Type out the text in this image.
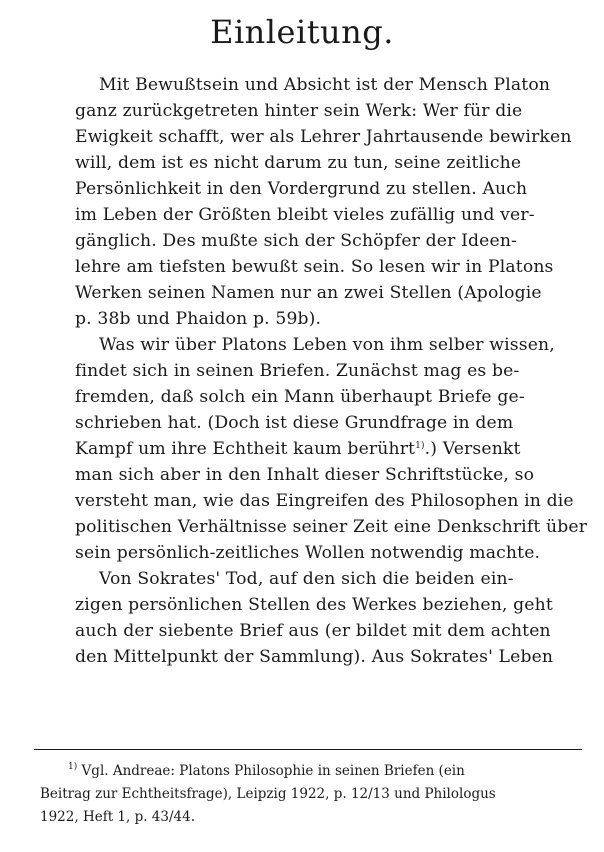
Einleitung.
Mit Bewußtsein und Absicht ist der Mensch Platon
ganz zurückgetreten hinter sein Werk: Wer für die
Ewigkeit schafft, wer als Lehrer Jahrtausende bewirken
will, dem ist es nicht darum zu tun, seine zeitliche
Persönlichkeit in den Vordergrund zu stellen. Auch
im Leben der Größten bleibt vieles zufällig und ver-
gänglich. Des mußte sich der Schöpfer der Ideen-
lehre am tiefsten bewußt sein. So lesen wir in Platons
Werken seinen Namen nur an zwei Stellen (Apologie
p. 38b und Phaidon p. 59b).
Was wir über Platons Leben von ihm selber wissen,
findet sich in seinen Briefen. Zunächst mag es be-
fremden, daß solch ein Mann überhaupt Briefe ge-
schrieben hat. (Doch ist diese Grundfrage in dem
Kampf um ihre Echtheit kaum berührt$^{1)}$.) Versenkt
man sich aber in den Inhalt dieser Schriftstücke, so
versteht man, wie das Eingreifen des Philosophen in die
politischen Verhältnisse seiner Zeit eine Denkschrift über
sein persönlich-zeitliches Wollen notwendig machte.
Von Sokrates' Tod, auf den sich die beiden ein-
zigen persönlichen Stellen des Werkes beziehen, geht
auch der siebente Brief aus (er bildet mit dem achten
den Mittelpunkt der Sammlung). Aus Sokrates' Leben
$^{1)}$ Vgl. Andreae: Platons Philosophie in seinen Briefen (ein
Beitrag zur Echtheitsfrage), Leipzig 1922, p. 12/13 und Philologus
1922, Heft 1, p. 43/44.
